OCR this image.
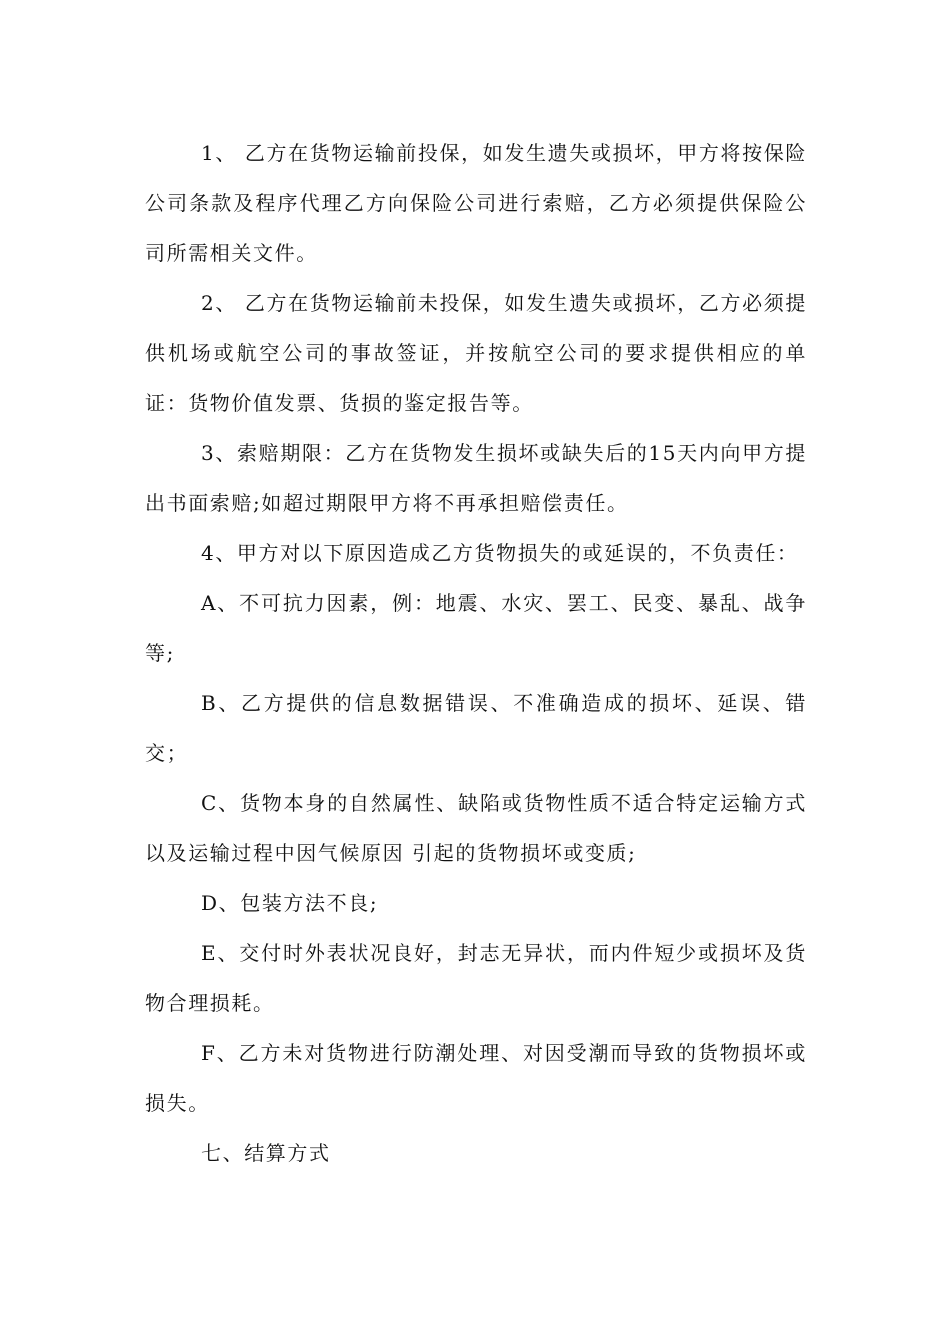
1、 乙方在货物运输前投保，如发生遗失或损坏，甲方将按保险公司条款及程序代理乙方向保险公司进行索赔，乙方必须提供保险公司所需相关文件。

2、 乙方在货物运输前未投保，如发生遗失或损坏，乙方必须提供机场或航空公司的事故签证，并按航空公司的要求提供相应的单证：货物价值发票、货损的鉴定报告等。

3、索赔期限：乙方在货物发生损坏或缺失后的15天内向甲方提出书面索赔;如超过期限甲方将不再承担赔偿责任。

4、甲方对以下原因造成乙方货物损失的或延误的，不负责任：

A、不可抗力因素，例：地震、水灾、罢工、民变、暴乱、战争等;

B、乙方提供的信息数据错误、不准确造成的损坏、延误、错交；

C、货物本身的自然属性、缺陷或货物性质不适合特定运输方式以及运输过程中因气候原因 引起的货物损坏或变质;

D、包装方法不良;

E、交付时外表状况良好，封志无异状，而内件短少或损坏及货物合理损耗。

F、乙方未对货物进行防潮处理、对因受潮而导致的货物损坏或损失。

七、结算方式
